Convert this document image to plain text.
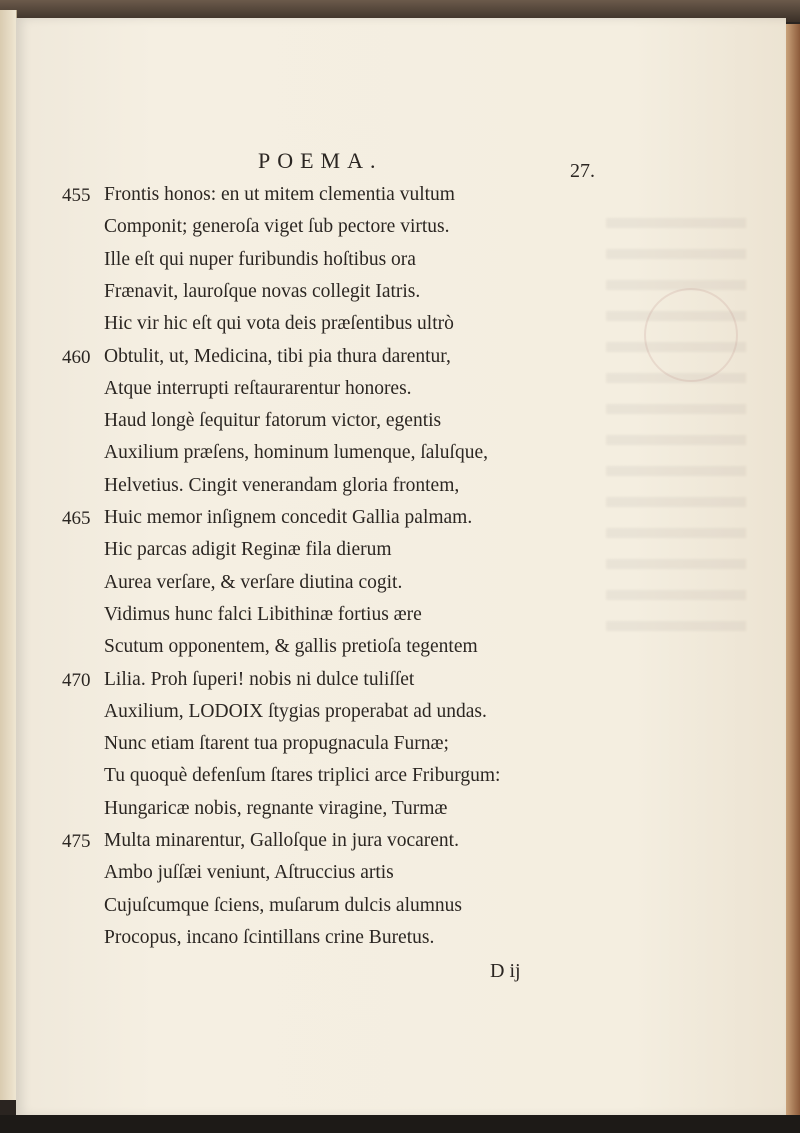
POEMA.	27.
455 Frontis honos: en ut mitem clementia vultum
Componit; generoſa viget ſub pectore virtus.
Ille eſt qui nuper furibundis hoſtibus ora
Frænavit, lauroſque novas collegit Iatris.
Hic vir hic eſt qui vota deis præſentibus ultrò
460 Obtulit, ut, Medicina, tibi pia thura darentur,
Atque interrupti reſtaurarentur honores.
Haud longè ſequitur fatorum victor, egentis
Auxilium præſens, hominum lumenque, ſaluſque,
Helvetius. Cingit venerandam gloria frontem,
465 Huic memor inſignem concedit Gallia palmam.
Hic parcas adigit Reginæ fila dierum
Aurea verſare, & verſare diutina cogit.
Vidimus hunc falci Libithinæ fortius ære
Scutum opponentem, & gallis pretioſa tegentem
470 Lilia. Proh ſuperi! nobis ni dulce tuliſſet
Auxilium, LODOIX ſtygias properabat ad undas.
Nunc etiam ſtarent tua propugnacula Furnæ;
Tu quoquè defenſum ſtares triplici arce Friburgum:
Hungaricæ nobis, regnante viragine, Turmæ
475 Multa minarentur, Galloſque in jura vocarent.
Ambo juſſæi veniunt, Aſtruccius artis
Cujuſcumque ſciens, muſarum dulcis alumnus
Procopus, incano ſcintillans crine Buretus.
D ij
